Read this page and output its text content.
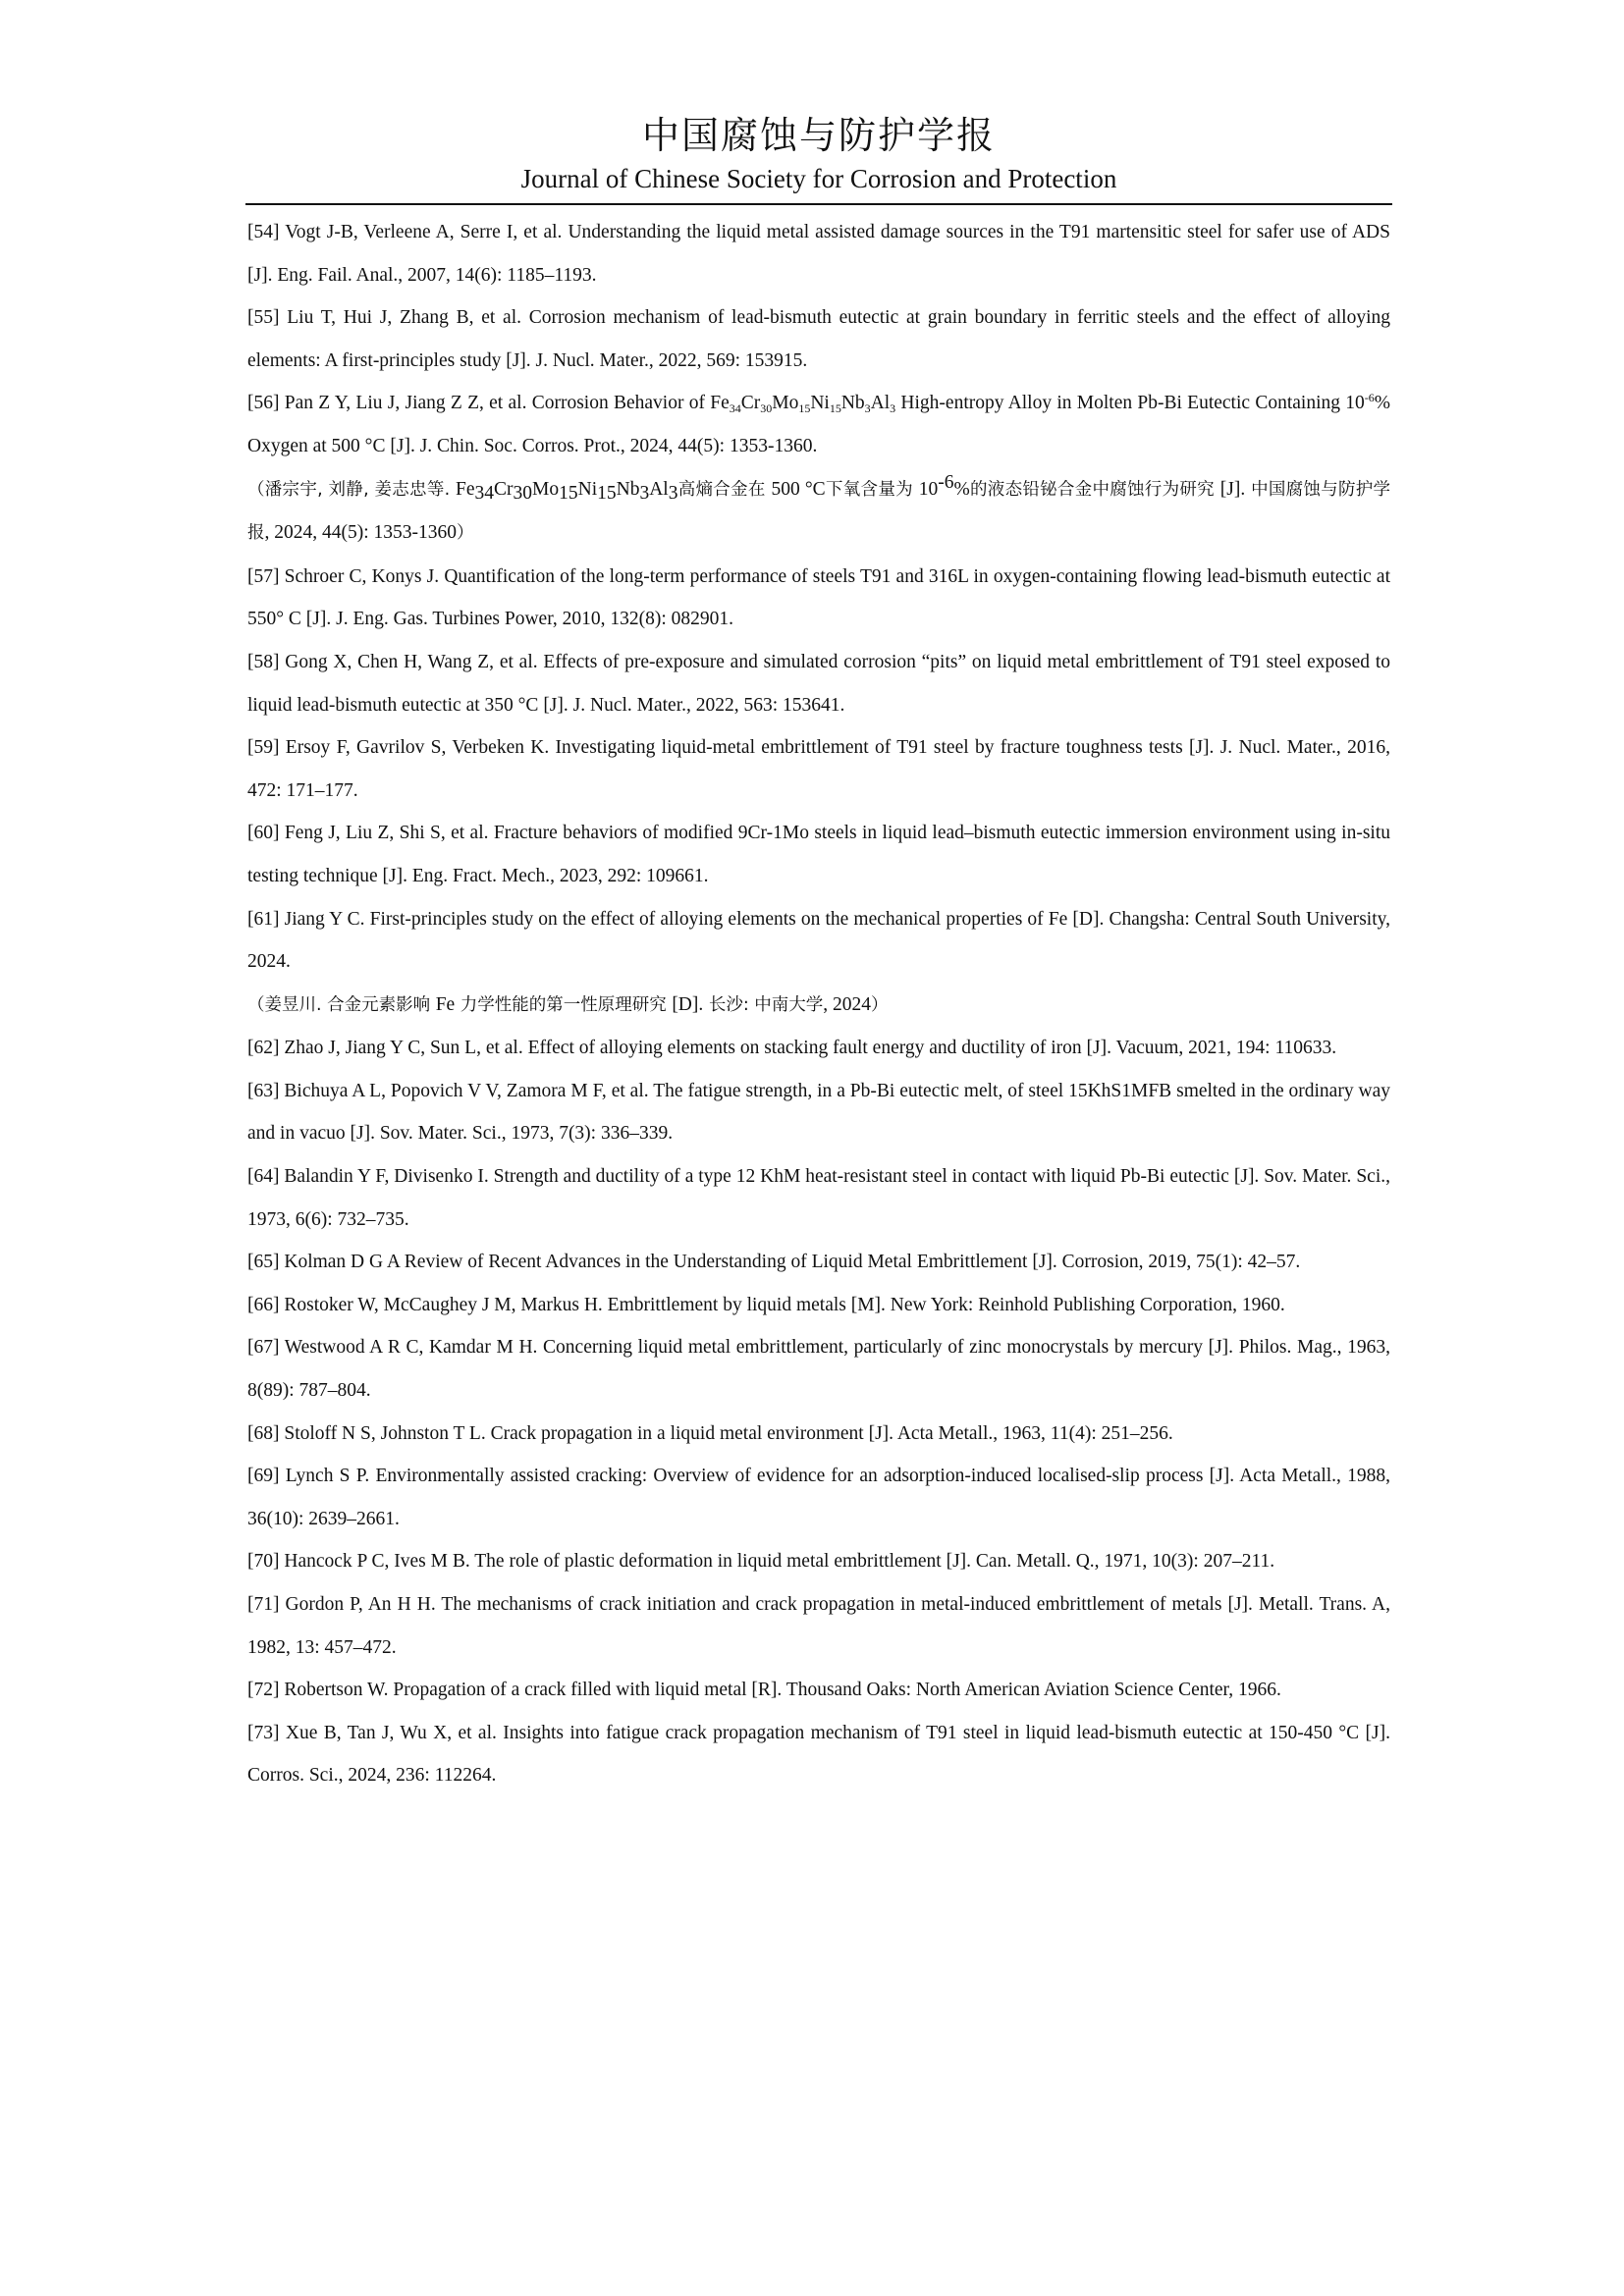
中国腐蚀与防护学报
Journal of Chinese Society for Corrosion and Protection

[54] Vogt J-B, Verleene A, Serre I, et al. Understanding the liquid metal assisted damage sources in the T91 martensitic steel for safer use of ADS [J]. Eng. Fail. Anal., 2007, 14(6): 1185–1193.

[55] Liu T, Hui J, Zhang B, et al. Corrosion mechanism of lead-bismuth eutectic at grain boundary in ferritic steels and the effect of alloying elements: A first-principles study [J]. J. Nucl. Mater., 2022, 569: 153915.

[56] Pan Z Y, Liu J, Jiang Z Z, et al. Corrosion Behavior of $Fe_{34}Cr_{30}Mo_{15}Ni_{15}Nb_3Al_3$ High-entropy Alloy in Molten Pb-Bi Eutectic Containing $10^{-6}\%$ Oxygen at 500 °C [J]. J. Chin. Soc. Corros. Prot., 2024, 44(5): 1353-1360.

（潘宗宇, 刘静, 姜志忠等. $Fe_{34}Cr_{30}Mo_{15}Ni_{15}Nb_3Al_3$高熵合金在 500 °C下氧含量为 $10^{-6}\%$的液态铅铋合金中腐蚀行为研究 [J]. 中国腐蚀与防护学报, 2024, 44(5): 1353-1360）

[57] Schroer C, Konys J. Quantification of the long-term performance of steels T91 and 316L in oxygen-containing flowing lead-bismuth eutectic at 550° C [J]. J. Eng. Gas. Turbines Power, 2010, 132(8): 082901.

[58] Gong X, Chen H, Wang Z, et al. Effects of pre-exposure and simulated corrosion “pits” on liquid metal embrittlement of T91 steel exposed to liquid lead-bismuth eutectic at 350 °C [J]. J. Nucl. Mater., 2022, 563: 153641.

[59] Ersoy F, Gavrilov S, Verbeken K. Investigating liquid-metal embrittlement of T91 steel by fracture toughness tests [J]. J. Nucl. Mater., 2016, 472: 171–177.

[60] Feng J, Liu Z, Shi S, et al. Fracture behaviors of modified 9Cr-1Mo steels in liquid lead–bismuth eutectic immersion environment using in-situ testing technique [J]. Eng. Fract. Mech., 2023, 292: 109661.

[61] Jiang Y C. First-principles study on the effect of alloying elements on the mechanical properties of Fe [D]. Changsha: Central South University, 2024.

（姜昱川. 合金元素影响 Fe 力学性能的第一性原理研究 [D]. 长沙: 中南大学, 2024）

[62] Zhao J, Jiang Y C, Sun L, et al. Effect of alloying elements on stacking fault energy and ductility of iron [J]. Vacuum, 2021, 194: 110633.

[63] Bichuya A L, Popovich V V, Zamora M F, et al. The fatigue strength, in a Pb-Bi eutectic melt, of steel 15KhS1MFB smelted in the ordinary way and in vacuo [J]. Sov. Mater. Sci., 1973, 7(3): 336–339.

[64] Balandin Y F, Divisenko I. Strength and ductility of a type 12 KhM heat-resistant steel in contact with liquid Pb-Bi eutectic [J]. Sov. Mater. Sci., 1973, 6(6): 732–735.

[65] Kolman D G A Review of Recent Advances in the Understanding of Liquid Metal Embrittlement [J]. Corrosion, 2019, 75(1): 42–57.

[66] Rostoker W, McCaughey J M, Markus H. Embrittlement by liquid metals [M]. New York: Reinhold Publishing Corporation, 1960.

[67] Westwood A R C, Kamdar M H. Concerning liquid metal embrittlement, particularly of zinc monocrystals by mercury [J]. Philos. Mag., 1963, 8(89): 787–804.

[68] Stoloff N S, Johnston T L. Crack propagation in a liquid metal environment [J]. Acta Metall., 1963, 11(4): 251–256.

[69] Lynch S P. Environmentally assisted cracking: Overview of evidence for an adsorption-induced localised-slip process [J]. Acta Metall., 1988, 36(10): 2639–2661.

[70] Hancock P C, Ives M B. The role of plastic deformation in liquid metal embrittlement [J]. Can. Metall. Q., 1971, 10(3): 207–211.

[71] Gordon P, An H H. The mechanisms of crack initiation and crack propagation in metal-induced embrittlement of metals [J]. Metall. Trans. A, 1982, 13: 457–472.

[72] Robertson W. Propagation of a crack filled with liquid metal [R]. Thousand Oaks: North American Aviation Science Center, 1966.

[73] Xue B, Tan J, Wu X, et al. Insights into fatigue crack propagation mechanism of T91 steel in liquid lead-bismuth eutectic at 150-450 °C [J]. Corros. Sci., 2024, 236: 112264.
